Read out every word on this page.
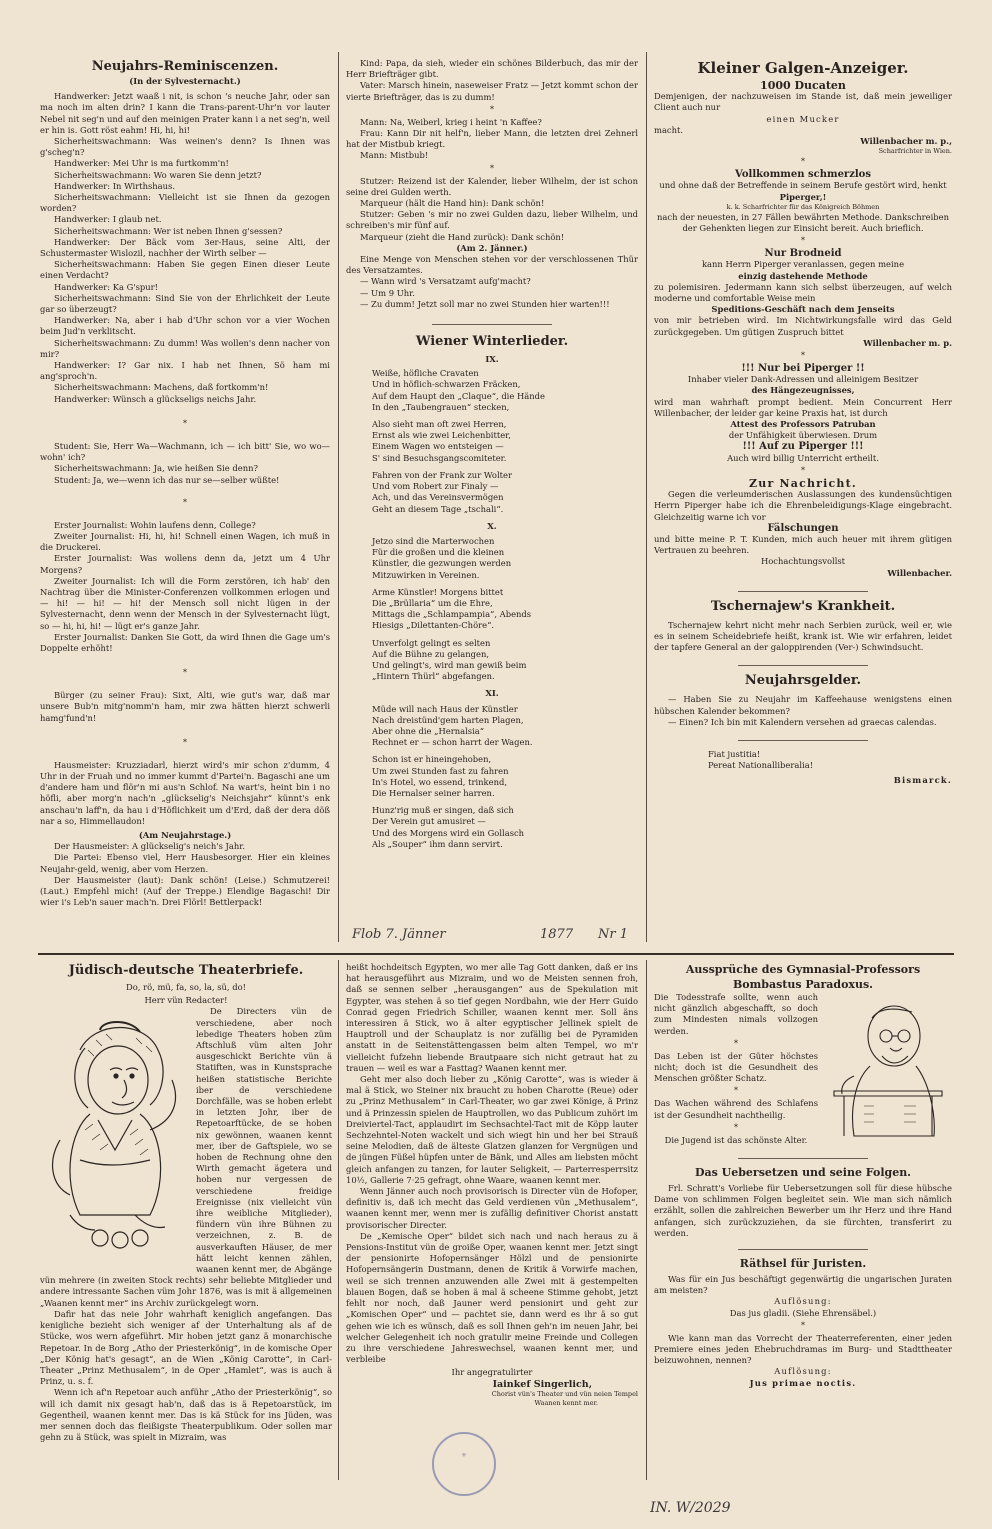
Neujahrs-Reminiscenzen.

(In der Sylvesternacht.)

Handwerker: Jetzt waaß i nit, is schon 's neuche Jahr, oder san ma noch im alten drin? I kann die Trans-parent-Uhr'n vor lauter Nebel nit seg'n und auf den meinigen Prater kann i a net seg'n, weil er hin is. Gott röst eahm! Hi, hi, hi!

Sicherheitswachmann: Was weinen's denn? Is Ihnen was g'scheg'n?

Handwerker: Mei Uhr is ma furtkomm'n!

Sicherheitswachmann: Wo waren Sie denn jetzt?

Handwerker: In Wirthshaus.

Sicherheitswachmann: Vielleicht ist sie Ihnen da gezogen worden?

Handwerker: I glaub net.

Sicherheitswachmann: Wer ist neben Ihnen g'sessen?

Handwerker: Der Bäck vom 3er-Haus, seine Alti, der Schustermaster Wislozil, nachher der Wirth selber —

Sicherheitswachmann: Haben Sie gegen Einen dieser Leute einen Verdacht?

Handwerker: Ka G'spur!

Sicherheitswachmann: Sind Sie von der Ehrlichkeit der Leute gar so überzeugt?

Handwerker: Na, aber i hab d'Uhr schon vor a vier Wochen beim Jud'n verklitscht.

Sicherheitswachmann: Zu dumm! Was wollen's denn nacher von mir?

Handwerker: I? Gar nix. I hab net Ihnen, Sö ham mi ang'sproch'n.

Sicherheitswachmann: Machens, daß fortkomm'n!

Handwerker: Wünsch a glückseligs neichs Jahr.

*

Student: Sie, Herr Wa—Wachmann, ich — ich bitt' Sie, wo wo—wohn' ich?

Sicherheitswachmann: Ja, wie heißen Sie denn?

Student: Ja, we—wenn ich das nur se—selber wüßte!

*

Erster Journalist: Wohin laufens denn, College?

Zweiter Journalist: Hi, hi, hi! Schnell einen Wagen, ich muß in die Druckerei.

Erster Journalist: Was wollens denn da, jetzt um 4 Uhr Morgens?

Zweiter Journalist: Ich will die Form zerstören, ich hab' den Nachtrag über die Minister-Conferenzen vollkommen erlogen und — hi! — hi! — hi! der Mensch soll nicht lügen in der Sylvesternacht, denn wenn der Mensch in der Sylvesternacht lügt, so — hi, hi, hi! — lügt er's ganze Jahr.

Erster Journalist: Danken Sie Gott, da wird Ihnen die Gage um's Doppelte erhöht!

*

Bürger (zu seiner Frau): Sixt, Alti, wie gut's war, daß mar unsere Bub'n mitg'nomm'n ham, mir zwa hätten hierzt schwerli hamg'fund'n!

*

Hausmeister: Kruzziadarl, hierzt wird's mir schon z'dumm, 4 Uhr in der Fruah und no immer kummt d'Partei'n. Bagaschi ane um d'andere ham und flör'n mi aus'n Schlof. Na wart's, heint bin i no höfli, aber morg'n nach'n „glückselig's Neichsjahr“ künnt's enk anschau'n laff'n, da hau i d'Höflichkeit um d'Erd, daß der dera döß nar a so, Himmellaudon!

(Am Neujahrstage.)

Der Hausmeister: A glückselig's neich's Jahr.

Die Partei: Ebenso viel, Herr Hausbesorger. Hier ein kleines Neujahr-geld, wenig, aber vom Herzen.

Der Hausmeister (laut): Dank schön! (Leise.) Schmutzerei! (Laut.) Empfehl mich! (Auf der Treppe.) Elendige Bagaschi! Dir wier i's Leb'n sauer mach'n. Drei Flörl! Bettlerpack!

Kind: Papa, da sieh, wieder ein schönes Bilderbuch, das mir der Herr Briefträger gibt.

Vater: Marsch hinein, naseweiser Fratz — Jetzt kommt schon der vierte Briefträger, das is zu dumm!

*

Mann: Na, Weiberl, krieg i heint 'n Kaffee?

Frau: Kann Dir nit helf'n, lieber Mann, die letzten drei Zehnerl hat der Mistbub kriegt.

Mann: Mistbub!

*

Stutzer: Reizend ist der Kalender, lieber Wilhelm, der ist schon seine drei Gulden werth.

Marqueur (hält die Hand hin): Dank schön!

Stutzer: Geben 's mir no zwei Gulden dazu, lieber Wilhelm, und schreiben's mir fünf auf.

Marqueur (zieht die Hand zurück): Dank schön!

(Am 2. Jänner.)

Eine Menge von Menschen stehen vor der verschlossenen Thür des Versatzamtes.

— Wann wird 's Versatzamt aufg'macht?

— Um 9 Uhr.

— Zu dumm! Jetzt soll mar no zwei Stunden hier warten!!!

Wiener Winterlieder.

IX.

Weiße, höfliche Cravaten

Und in höflich-schwarzen Fräcken,

Auf dem Haupt den „Claque“, die Hände

In den „Taubengrauen“ stecken,

Also sieht man oft zwei Herren,

Ernst als wie zwei Leichenbitter,

Einem Wagen wo entsteigen —

S' sind Besuchsgangscomiteter.

Fahren von der Frank zur Wolter

Und vom Robert zur Finaly —

Ach, und das Vereinsvermögen

Geht an diesem Tage „tschali“.

X.

Jetzo sind die Marterwochen

Für die großen und die kleinen

Künstler, die gezwungen werden

Mitzuwirken in Vereinen.

Arme Künstler! Morgens bittet

Die „Brüllaria“ um die Ehre,

Mittags die „Schlampampia“, Abends

Hiesigs „Dilettanten-Chöre“.

Unverfolgt gelingt es selten

Auf die Bühne zu gelangen,

Und gelingt's, wird man gewiß beim

„Hintern Thürl“ abgefangen.

XI.

Müde will nach Haus der Künstler

Nach dreistünd'gem harten Plagen,

Aber ohne die „Hernalsia“

Rechnet er — schon harrt der Wagen.

Schon ist er hineingehoben,

Um zwei Stunden fast zu fahren

In's Hotel, wo essend, trinkend,

Die Hernalser seiner harren.

Hunz'rig muß er singen, daß sich

Der Verein gut amusiret —

Und des Morgens wird ein Gollasch

Als „Souper“ ihm dann servirt.

Kleiner Galgen-Anzeiger.

1000 Ducaten

Demjenigen, der nachzuweisen im Stande ist, daß mein jeweiliger Client auch nur

einen Mucker

macht.

Willenbacher m. p.,

Scharfrichter in Wien.

*

Vollkommen schmerzlos

und ohne daß der Betreffende in seinem Berufe gestört wird, henkt

Piperger,!

k. k. Scharfrichter für das Königreich Böhmen

nach der neuesten, in 27 Fällen bewährten Methode. Dankschreiben der Gehenkten liegen zur Einsicht bereit. Auch brieflich.

*

Nur Brodneid

kann Herrn Piperger veranlassen, gegen meine

einzig dastehende Methode

zu polemisiren. Jedermann kann sich selbst überzeugen, auf welch moderne und comfortable Weise mein

Speditions-Geschäft nach dem Jenseits

von mir betrieben wird. Im Nichtwirkungsfalle wird das Geld zurückgegeben. Um gütigen Zuspruch bittet

Willenbacher m. p.

*

!!! Nur bei Piperger !!

Inhaber vieler Dank-Adressen und alleinigem Besitzer

des Hängezeugnisses,

wird man wahrhaft prompt bedient. Mein Concurrent Herr Willenbacher, der leider gar keine Praxis hat, ist durch

Attest des Professors Patruban

der Unfähigkeit überwiesen. Drum

!!! Auf zu Piperger !!!

Auch wird billig Unterricht ertheilt.

*

Zur Nachricht.

Gegen die verleumderischen Auslassungen des kundensüchtigen Herrn Piperger habe ich die Ehrenbeleidigungs-Klage eingebracht. Gleichzeitig warne ich vor

Fälschungen

und bitte meine P. T. Kunden, mich auch heuer mit ihrem gütigen Vertrauen zu beehren.

Hochachtungsvollst

Willenbacher.

Tschernajew's Krankheit.

Tschernajew kehrt nicht mehr nach Serbien zurück, weil er, wie es in seinem Scheidebriefe heißt, krank ist. Wie wir erfahren, leidet der tapfere General an der galoppirenden (Ver-) Schwindsucht.

Neujahrsgelder.

— Haben Sie zu Neujahr im Kaffeehause wenigstens einen hübschen Kalender bekommen?

— Einen? Ich bin mit Kalendern versehen ad graecas calendas.

Fiat justitia!

Pereat Nationalliberalia!

Bismarck.

Flob 7. Jänner	1877 Nr 1
Jüdisch-deutsche Theaterbriefe.

Do, rö, mü, fa, so, la, sü, do!

Herr vün Redacter!

De Directers vün de verschiedene, aber noch lebedige Theaters hoben züm Aftschluß vüm alten Johr ausgeschickt Berichte vün ä Statiften, was in Kunstsprache heißen statistische Berichte iber de verschiedene Dorchfälle, was se hoben erlebt in letzten Johr, iber de Repetoarftücke, de se hoben nix gewönnen, waanen kennt mer, iber de Gaftspiele, wo se hoben de Rechnung ohne den Wirth gemacht ägetera und hoben nur vergessen de verschiedene freidige Ereignisse (nix vielleicht vün ihre weibliche Mitglieder), fündern vün ihre Bühnen zu verzeichnen, z. B. de ausverkauften Häuser, de mer hätt leicht kennen zählen, waanen kennt mer, de Abgänge vün mehrere (in zweiten Stock rechts) sehr beliebte Mitglieder und andere intressante Sachen vüm Johr 1876, was is mit ä allgemeinen „Waanen kennt mer“ ins Archiv zurückgelegt worn.

Dafir hat das neie Johr wahrhaft keniglich angefangen. Das kenigliche bezieht sich weniger af der Unterhaltung als af de Stücke, wos wern afgeführt. Mir hoben jetzt ganz ä monarchische Repetoar. In de Borg „Atho der Priesterkönig“, in de komische Oper „Der König hat's gesagt“, an de Wien „König Carotte“, in Carl-Theater „Prinz Methusalem“, in de Oper „Hamlet“, was is auch ä Prinz, u. s. f.

Wenn ich af'n Repetoar auch anführ „Atho der Priesterkönig“, so will ich damit nix gesagt hab'n, daß das is ä Repetoarstück, im Gegentheil, waanen kennt mer. Das is kä Stück for ins Jüden, was mer sennen doch das fleißigste Theaterpublikum. Oder sollen mar gehn zu ä Stück, was spielt in Mizraim, was

heißt hochdeitsch Egypten, wo mer alle Tag Gott danken, daß er ins hat herausgeführt aus Mizraim, und wo de Meisten sennen froh, daß se sennen selber „herausgangen“ aus de Spekulation mit Egypter, was stehen ä so tief gegen Nordbahn, wie der Herr Guido Conrad gegen Friedrich Schiller, waanen kennt mer. Soll äns interessiren ä Stick, wo ä alter egyptischer Jellinek spielt de Hauptroll und der Schauplatz is nor zufällig bei de Pyramiden anstatt in de Seitenstättengassen beim alten Tempel, wo m'r vielleicht fufzehn liebende Brautpaare sich nicht getraut hat zu trauen — weil es war a Fasttag? Waanen kennt mer.

Geht mer also doch lieber zu „König Carotte“, was is wieder ä mal ä Stick, wo Steiner nix braucht zu hoben Charotte (Reue) oder zu „Prinz Methusalem“ in Carl-Theater, wo gar zwei Könige, ä Prinz und ä Prinzessin spielen de Hauptrollen, wo das Publicum zuhört im Dreiviertel-Tact, applaudirt im Sechsachtel-Tact mit de Köpp lauter Sechzehntel-Noten wackelt und sich wiegt hin und her bei Strauß seine Melodien, daß de älteste Glatzen glanzen for Vergnügen und de jüngen Füßel hüpfen unter de Bänk, und Alles am liebsten möcht gleich anfangen zu tanzen, for lauter Seligkeit, — Parterresperrsitz 10½, Gallerie 7·25 gefragt, ohne Waare, waanen kennt mer.

Wenn Jänner auch noch provisorisch is Directer vün de Hofoper, definitiv is, daß ich mecht das Geld verdienen vün „Methusalem“, waanen kennt mer, wenn mer is zufällig definitiver Chorist anstatt provisorischer Directer.

De „Kemische Oper“ bildet sich nach und nach heraus zu ä Pensions-Institut vün de groiße Oper, waanen kennt mer. Jetzt singt der pensionirte Hofopernsänger Hölzl und de pensionirte Hofopernsängerin Dustmann, denen de Kritik ä Vorwirfe machen, weil se sich trennen anzuwenden alle Zwei mit ä gestempelten blauen Bogen, daß se hoben ä mal ä scheene Stimme gehobt, jetzt fehlt nor noch, daß Jauner werd pensionirt und geht zur „Komischen Oper“ und — pachtet sie, dann werd es ihr ä so gut gehen wie ich es wünsch, daß es soll Ihnen geh'n im neuen Jahr, bei welcher Gelegenheit ich noch gratulir meine Freinde und Collegen zu ihre verschiedene Jahreswechsel, waanen kennt mer, und verbleibe

Ihr angegratulirter

Iainkef Singerlich,

Chorist vün's Theater und vün neien Tempel

Waanen kennt mer.

⚜
Aussprüche des Gymnasial-Professors Bombastus Paradoxus.

Die Todesstrafe sollte, wenn auch nicht gänzlich abgeschafft, so doch zum Mindesten nimals vollzogen werden.

*

Das Leben ist der Güter höchstes nicht; doch ist die Gesundheit des Menschen größter Schatz.

*

Das Wachen während des Schlafens ist der Gesundheit nachtheilig.

*

Die Jugend ist das schönste Alter.

Das Uebersetzen und seine Folgen.

Frl. Schratt's Vorliebe für Uebersetzungen soll für diese hübsche Dame von schlimmen Folgen begleitet sein. Wie man sich nämlich erzählt, sollen die zahlreichen Bewerber um ihr Herz und ihre Hand anfangen, sich zurückzuziehen, da sie fürchten, transferirt zu werden.

Räthsel für Juristen.

Was für ein Jus beschäftigt gegenwärtig die ungarischen Juraten am meisten?

Auflösung:

Das jus gladii. (Siehe Ehrensäbel.)

*

Wie kann man das Vorrecht der Theaterreferenten, einer jeden Premiere eines jeden Ehebruchdramas im Burg- und Stadttheater beizuwohnen, nennen?

Auflösung:

Jus primae noctis.

IN. W/2029
